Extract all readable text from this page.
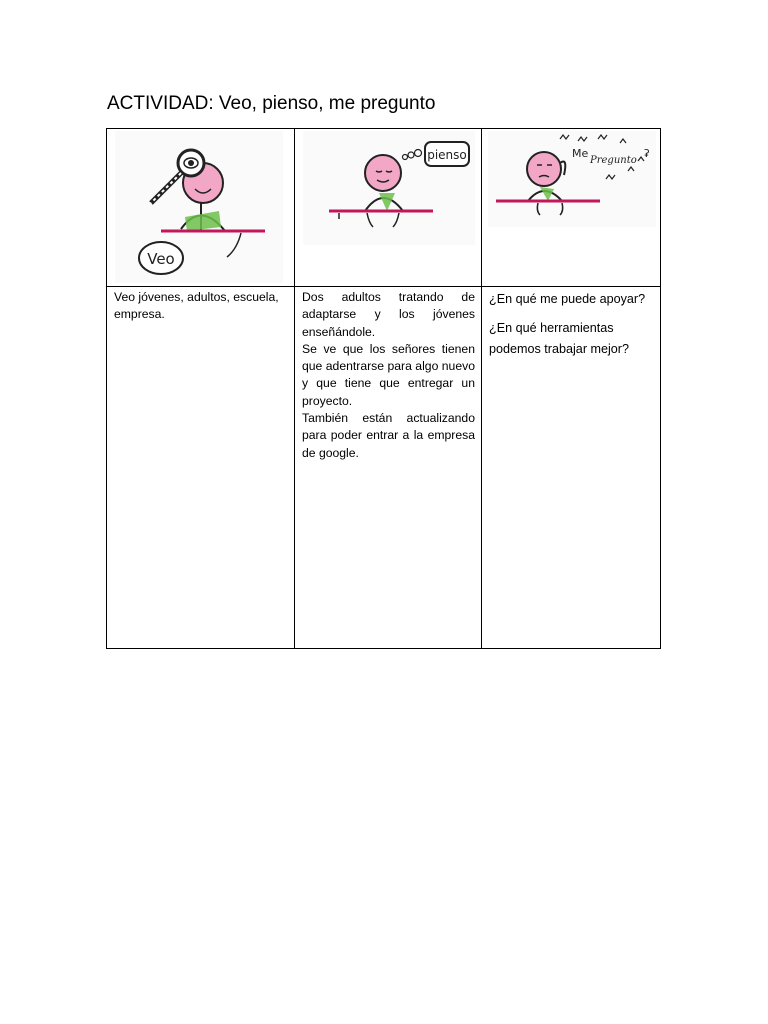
ACTIVIDAD: Veo, pienso, me pregunto
Veo
pienso	Me
Pregunto
ʡ
Veo jóvenes, adultos, escuela, empresa.
Dos adultos tratando de adaptarse y los jóvenes enseñándole.
Se ve que los señores tienen que adentrarse para algo nuevo y que tiene que entregar un proyecto.
También están actualizando para poder entrar a la empresa de google.

¿En qué me puede apoyar?

¿En qué herramientas podemos trabajar mejor?
